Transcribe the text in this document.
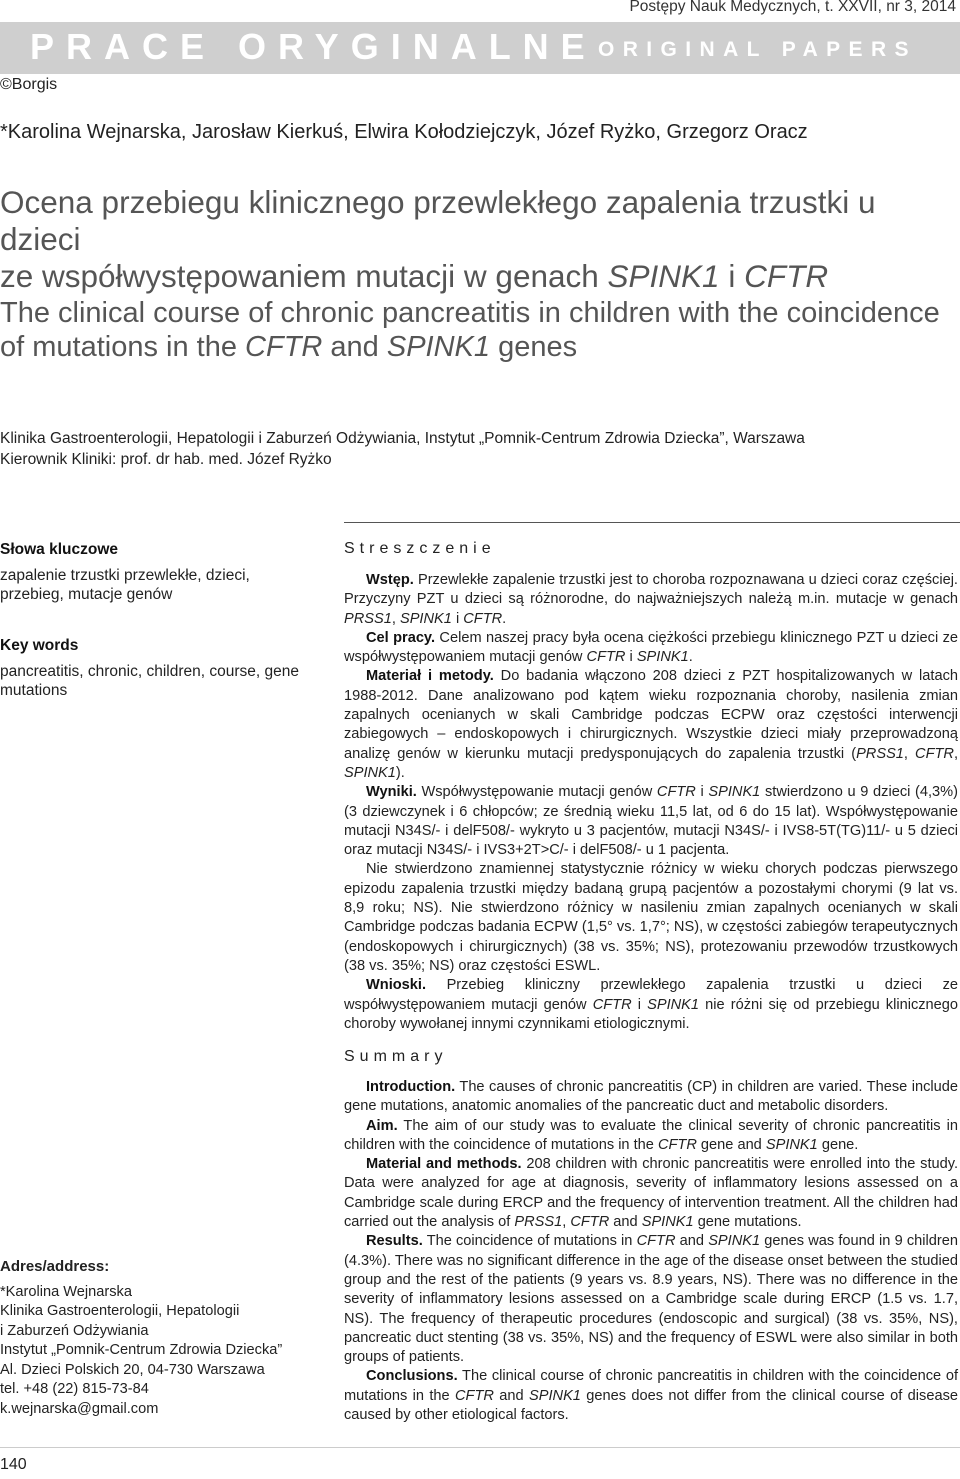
Postępy Nauk Medycznych, t. XXVII, nr 3, 2014
PRACE ORYGINALNE ORIGINAL PAPERS
©Borgis
*Karolina Wejnarska, Jarosław Kierkuś, Elwira Kołodziejczyk, Józef Ryżko, Grzegorz Oracz
Ocena przebiegu klinicznego przewlekłego zapalenia trzustki u dzieci
ze współwystępowaniem mutacji w genach SPINK1 i CFTR
The clinical course of chronic pancreatitis in children with the coincidence
of mutations in the CFTR and SPINK1 genes
Klinika Gastroenterologii, Hepatologii i Zaburzeń Odżywiania, Instytut „Pomnik-Centrum Zdrowia Dziecka”, Warszawa
Kierownik Kliniki: prof. dr hab. med. Józef Ryżko
Słowa kluczowe
zapalenie trzustki przewlekłe, dzieci, przebieg, mutacje genów
Key words
pancreatitis, chronic, children, course, gene mutations
Streszczenie

Wstęp. Przewlekłe zapalenie trzustki jest to choroba rozpoznawana u dzieci coraz częściej. Przyczyny PZT u dzieci są różnorodne, do najważniejszych należą m.in. mutacje w genach PRSS1, SPINK1 i CFTR.

Cel pracy. Celem naszej pracy była ocena ciężkości przebiegu klinicznego PZT u dzieci ze współwystępowaniem mutacji genów CFTR i SPINK1.

Materiał i metody. Do badania włączono 208 dzieci z PZT hospitalizowanych w latach 1988-2012. Dane analizowano pod kątem wieku rozpoznania choroby, nasilenia zmian zapalnych ocenianych w skali Cambridge podczas ECPW oraz częstości interwencji zabiegowych – endoskopowych i chirurgicznych. Wszystkie dzieci miały przeprowadzoną analizę genów w kierunku mutacji predysponujących do zapalenia trzustki (PRSS1, CFTR, SPINK1).

Wyniki. Współwystępowanie mutacji genów CFTR i SPINK1 stwierdzono u 9 dzieci (4,3%) (3 dziewczynek i 6 chłopców; ze średnią wieku 11,5 lat, od 6 do 15 lat). Współwystępowanie mutacji N34S/- i delF508/- wykryto u 3 pacjentów, mutacji N34S/- i IVS8-5T(TG)11/- u 5 dzieci oraz mutacji N34S/- i IVS3+2T>C/- i delF508/- u 1 pacjenta.

Nie stwierdzono znamiennej statystycznie różnicy w wieku chorych podczas pierwszego epizodu zapalenia trzustki między badaną grupą pacjentów a pozostałymi chorymi (9 lat vs. 8,9 roku; NS). Nie stwierdzono różnicy w nasileniu zmian zapalnych ocenianych w skali Cambridge podczas badania ECPW (1,5° vs. 1,7°; NS), w częstości zabiegów terapeutycznych (endoskopowych i chirurgicznych) (38 vs. 35%; NS), protezowaniu przewodów trzustkowych (38 vs. 35%; NS) oraz częstości ESWL.

Wnioski. Przebieg kliniczny przewlekłego zapalenia trzustki u dzieci ze współwystępowaniem mutacji genów CFTR i SPINK1 nie różni się od przebiegu klinicznego choroby wywołanej innymi czynnikami etiologicznymi.

Summary

Introduction. The causes of chronic pancreatitis (CP) in children are varied. These include gene mutations, anatomic anomalies of the pancreatic duct and metabolic disorders.

Aim. The aim of our study was to evaluate the clinical severity of chronic pancreatitis in children with the coincidence of mutations in the CFTR gene and SPINK1 gene.

Material and methods. 208 children with chronic pancreatitis were enrolled into the study. Data were analyzed for age at diagnosis, severity of inflammatory lesions assessed on a Cambridge scale during ERCP and the frequency of intervention treatment. All the children had carried out the analysis of PRSS1, CFTR and SPINK1 gene mutations.

Results. The coincidence of mutations in CFTR and SPINK1 genes was found in 9 children (4.3%). There was no significant difference in the age of the disease onset between the studied group and the rest of the patients (9 years vs. 8.9 years, NS). There was no difference in the severity of inflammatory lesions assessed on a Cambridge scale during ERCP (1.5 vs. 1.7, NS). The frequency of therapeutic procedures (endoscopic and surgical) (38 vs. 35%, NS), pancreatic duct stenting (38 vs. 35%, NS) and the frequency of ESWL were also similar in both groups of patients.

Conclusions. The clinical course of chronic pancreatitis in children with the coincidence of mutations in the CFTR and SPINK1 genes does not differ from the clinical course of disease caused by other etiological factors.

Adres/address:
*Karolina Wejnarska
Klinika Gastroenterologii, Hepatologii
i Zaburzeń Odżywiania
Instytut „Pomnik-Centrum Zdrowia Dziecka”
Al. Dzieci Polskich 20, 04-730 Warszawa
tel. +48 (22) 815-73-84
k.wejnarska@gmail.com
140
